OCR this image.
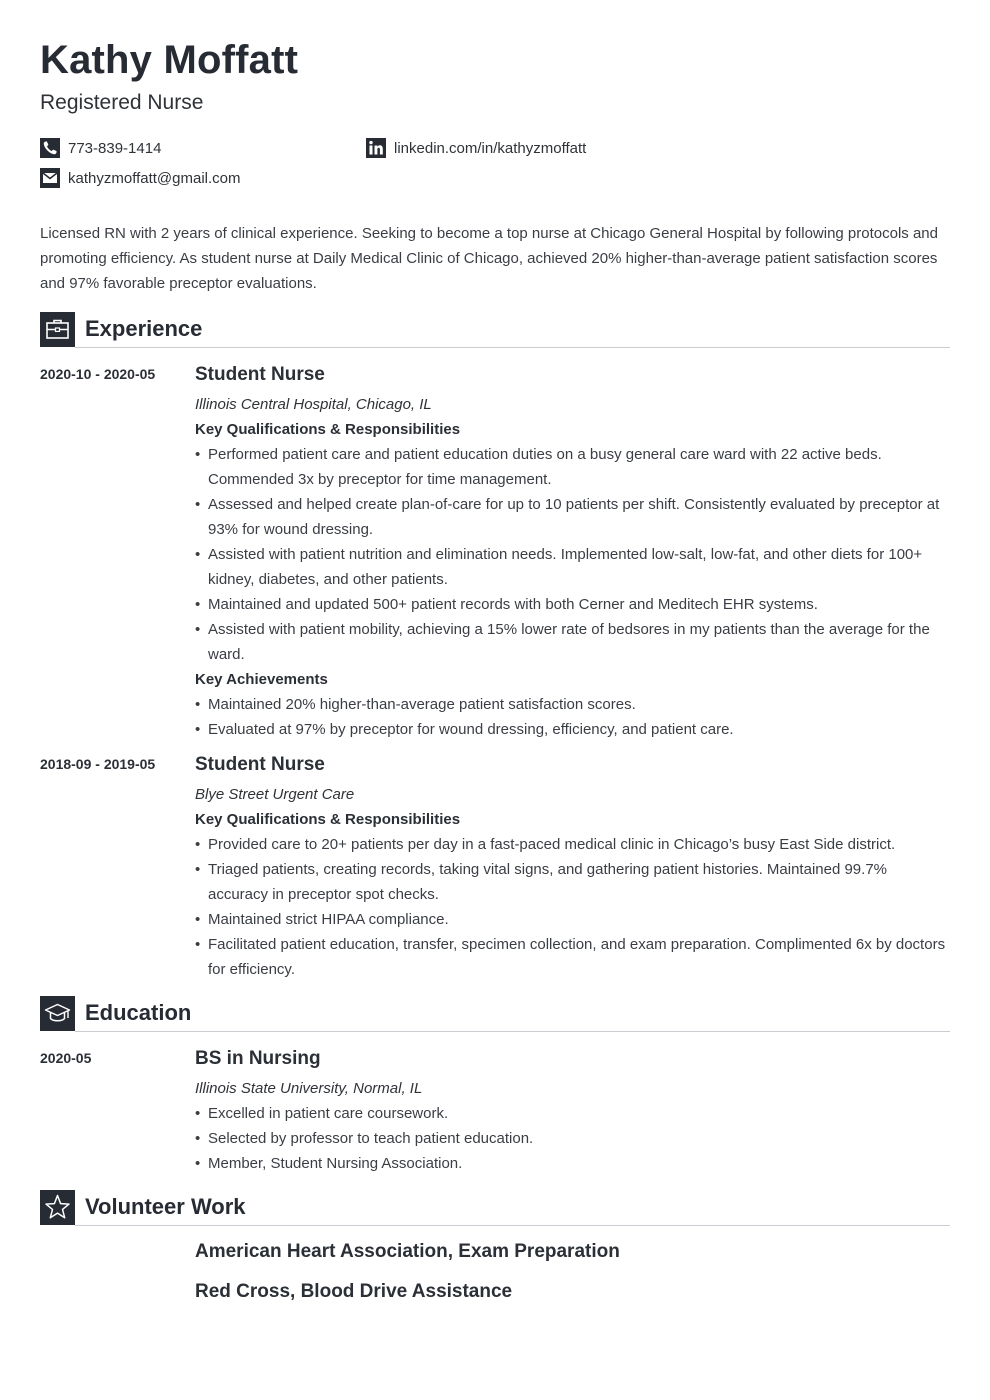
Kathy Moffatt
Registered Nurse
773-839-1414	linkedin.com/in/kathyzmoffatt
kathyzmoffatt@gmail.com

Licensed RN with 2 years of clinical experience. Seeking to become a top nurse at Chicago General Hospital by following protocols and promoting efficiency. As student nurse at Daily Medical Clinic of Chicago, achieved 20% higher-than-average patient satisfaction scores and 97% favorable preceptor evaluations.

Experience
2020-10 - 2020-05 Student Nurse
Illinois Central Hospital, Chicago, IL
Key Qualifications & Responsibilities
• Performed patient care and patient education duties on a busy general care ward with 22 active beds. Commended 3x by preceptor for time management.
• Assessed and helped create plan-of-care for up to 10 patients per shift. Consistently evaluated by preceptor at 93% for wound dressing.
• Assisted with patient nutrition and elimination needs. Implemented low-salt, low-fat, and other diets for 100+ kidney, diabetes, and other patients.
• Maintained and updated 500+ patient records with both Cerner and Meditech EHR systems.
• Assisted with patient mobility, achieving a 15% lower rate of bedsores in my patients than the average for the ward.
Key Achievements
• Maintained 20% higher-than-average patient satisfaction scores.
• Evaluated at 97% by preceptor for wound dressing, efficiency, and patient care.
2018-09 - 2019-05 Student Nurse
Blye Street Urgent Care
Key Qualifications & Responsibilities
• Provided care to 20+ patients per day in a fast-paced medical clinic in Chicago’s busy East Side district.
• Triaged patients, creating records, taking vital signs, and gathering patient histories. Maintained 99.7% accuracy in preceptor spot checks.
• Maintained strict HIPAA compliance.
• Facilitated patient education, transfer, specimen collection, and exam preparation. Complimented 6x by doctors for efficiency.
Education
2020-05	BS in Nursing
Illinois State University, Normal, IL
• Excelled in patient care coursework.
• Selected by professor to teach patient education.
• Member, Student Nursing Association.
Volunteer Work
American Heart Association, Exam Preparation
Red Cross, Blood Drive Assistance
